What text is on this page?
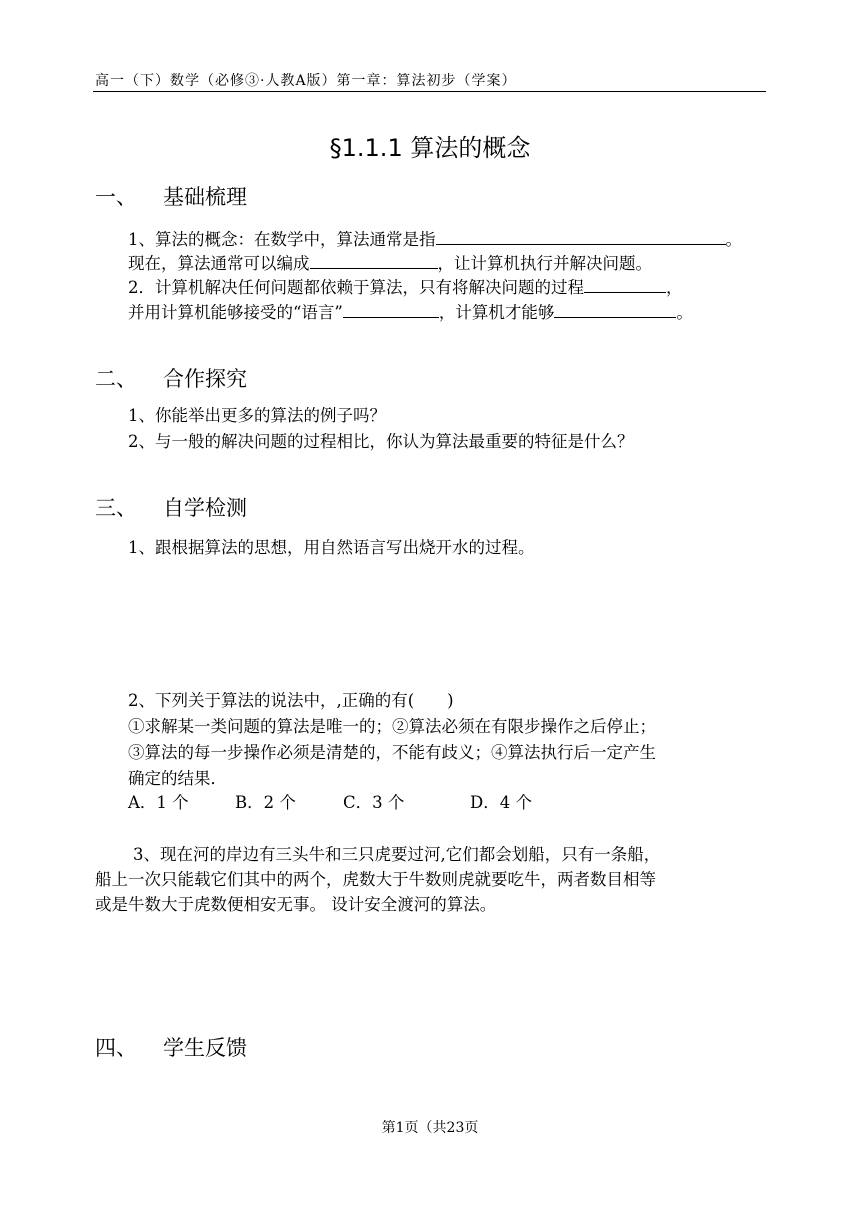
高一（下）数学（必修③·人教A版）第一章：算法初步（学案）
§1.1.1 算法的概念
一、 基础梳理
1、算法的概念：在数学中，算法通常是指	。
现在，算法通常可以编成	，让计算机执行并解决问题。
2．计算机解决任何问题都依赖于算法，只有将解决问题的过程	，
并用计算机能够接受的“语言”	，计算机才能够	。
二、 合作探究
1、你能举出更多的算法的例子吗？
2、与一般的解决问题的过程相比，你认为算法最重要的特征是什么？
三、 自学检测
1、跟根据算法的思想，用自然语言写出烧开水的过程。
2、下列关于算法的说法中，,正确的有(　　)
①求解某一类问题的算法是唯一的；②算法必须在有限步操作之后停止；
③算法的每一步操作必须是清楚的，不能有歧义；④算法执行后一定产生
确定的结果．
A．1 个	B．2 个	C．3 个	D．4 个
3、现在河的岸边有三头牛和三只虎要过河,它们都会划船，只有一条船，
船上一次只能载它们其中的两个，虎数大于牛数则虎就要吃牛，两者数目相等
或是牛数大于虎数便相安无事。 设计安全渡河的算法。
四、 学生反馈
第1页（共23页
